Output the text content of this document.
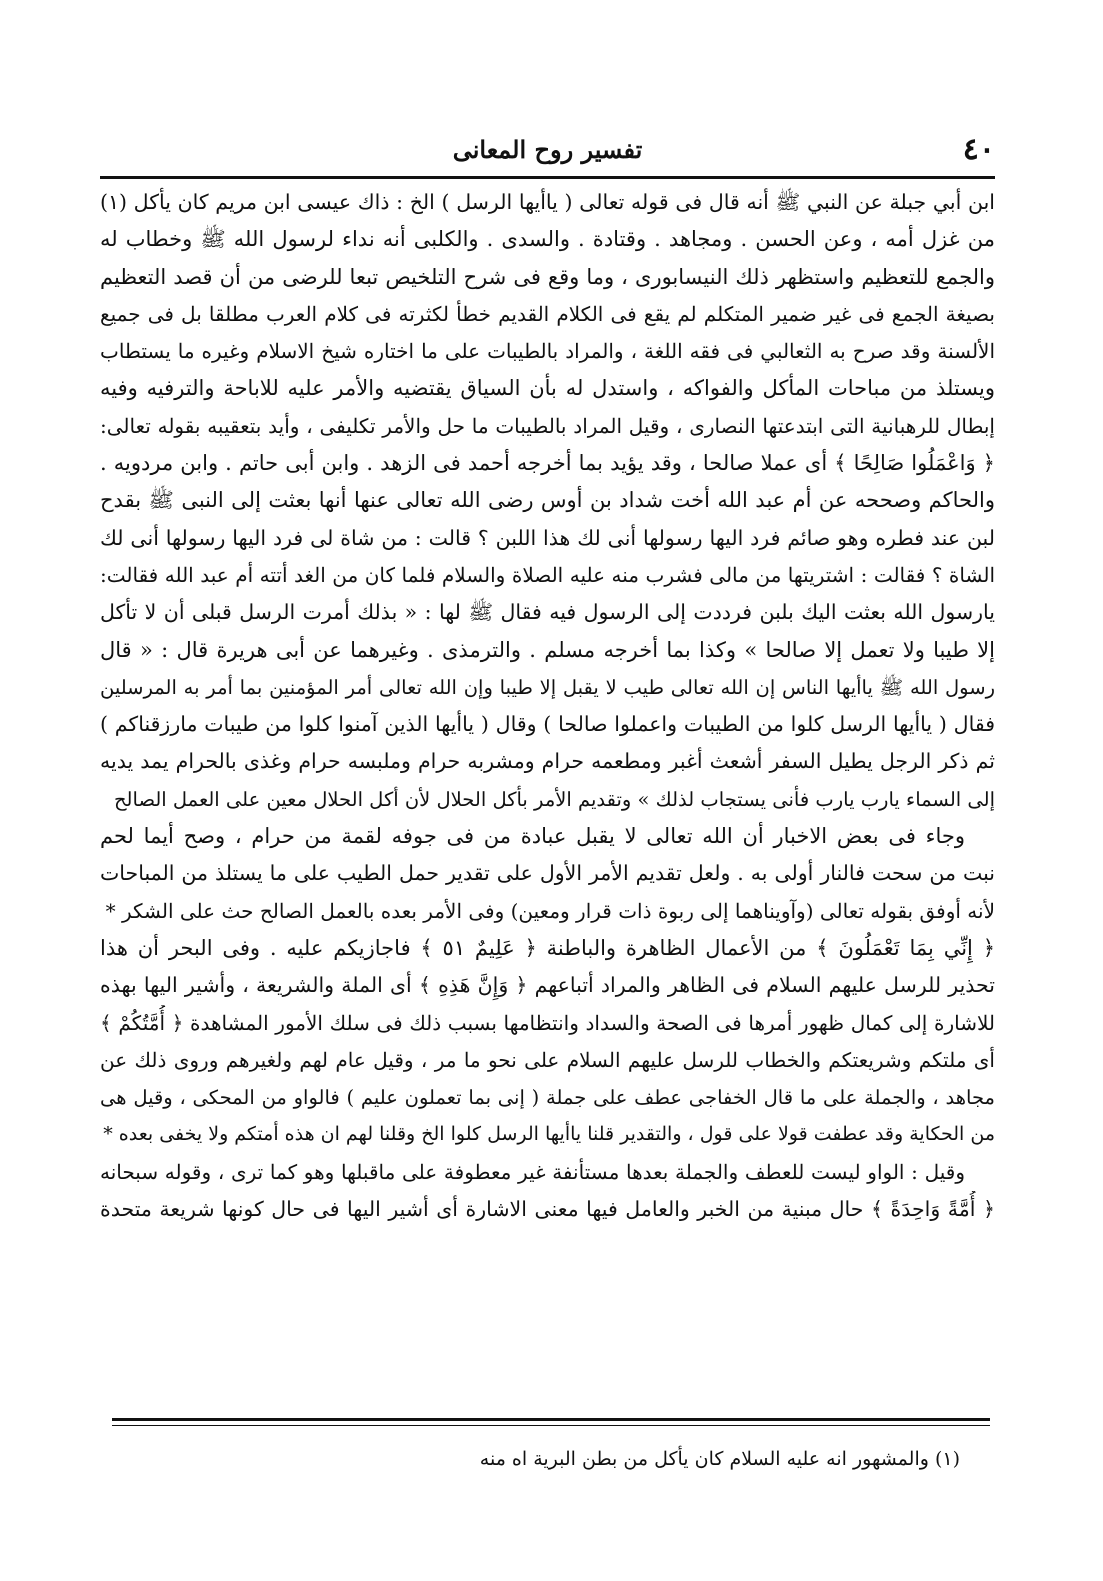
٤٠
تفسير روح المعانى
ابن أبي جبلة عن النبي ﷺ أنه قال فى قوله تعالى ( ياأيها الرسل ) الخ : ذاك عيسى ابن مريم كان يأكل (١)
من غزل أمه ، وعن الحسن . ومجاهد . وقتادة . والسدى . والكلبى أنه نداء لرسول الله ﷺ وخطاب له
والجمع للتعظيم واستظهر ذلك النيسابورى ، وما وقع فى شرح التلخيص تبعا للرضى من أن قصد التعظيم
بصيغة الجمع فى غير ضمير المتكلم لم يقع فى الكلام القديم خطأ لكثرته فى كلام العرب مطلقا بل فى جميع
الألسنة وقد صرح به الثعالبي فى فقه اللغة ، والمراد بالطيبات على ما اختاره شيخ الاسلام وغيره ما يستطاب
ويستلذ من مباحات المأكل والفواكه ، واستدل له بأن السياق يقتضيه والأمر عليه للاباحة والترفيه وفيه
إبطال للرهبانية التى ابتدعتها النصارى ، وقيل المراد بالطيبات ما حل والأمر تكليفى ، وأيد بتعقيبه بقوله تعالى:
﴿ وَاعْمَلُوا صَالِحًا ﴾ أى عملا صالحا ، وقد يؤيد بما أخرجه أحمد فى الزهد . وابن أبى حاتم . وابن مردويه .
والحاكم وصححه عن أم عبد الله أخت شداد بن أوس رضى الله تعالى عنها أنها بعثت إلى النبى ﷺ بقدح
لبن عند فطره وهو صائم فرد اليها رسولها أنى لك هذا اللبن ؟ قالت : من شاة لى فرد اليها رسولها أنى لك
الشاة ؟ فقالت : اشتريتها من مالى فشرب منه عليه الصلاة والسلام فلما كان من الغد أتته أم عبد الله فقالت:
يارسول الله بعثت اليك بلبن فرددت إلى الرسول فيه فقال ﷺ لها : « بذلك أمرت الرسل قبلى أن لا تأكل
إلا طيبا ولا تعمل إلا صالحا » وكذا بما أخرجه مسلم . والترمذى . وغيرهما عن أبى هريرة قال : « قال
رسول الله ﷺ ياأيها الناس إن الله تعالى طيب لا يقبل إلا طيبا وإن الله تعالى أمر المؤمنين بما أمر به المرسلين
فقال ( ياأيها الرسل كلوا من الطيبات واعملوا صالحا ) وقال ( ياأيها الذين آمنوا كلوا من طيبات مارزقناكم )
ثم ذكر الرجل يطيل السفر أشعث أغبر ومطعمه حرام ومشربه حرام وملبسه حرام وغذى بالحرام يمد يديه
إلى السماء يارب يارب فأنى يستجاب لذلك » وتقديم الأمر بأكل الحلال لأن أكل الحلال معين على العمل الصالح
وجاء فى بعض الاخبار أن الله تعالى لا يقبل عبادة من فى جوفه لقمة من حرام ، وصح أيما لحم
نبت من سحت فالنار أولى به . ولعل تقديم الأمر الأول على تقدير حمل الطيب على ما يستلذ من المباحات
لأنه أوفق بقوله تعالى (وآويناهما إلى ربوة ذات قرار ومعين) وفى الأمر بعده بالعمل الصالح حث على الشكر *
﴿ إِنِّي بِمَا تَعْمَلُونَ ﴾ من الأعمال الظاهرة والباطنة ﴿ عَلِيمٌ ٥١ ﴾ فاجازيكم عليه . وفى البحر أن هذا
تحذير للرسل عليهم السلام فى الظاهر والمراد أتباعهم ﴿ وَإِنَّ هَذِهِ ﴾ أى الملة والشريعة ، وأشير اليها بهذه
للاشارة إلى كمال ظهور أمرها فى الصحة والسداد وانتظامها بسبب ذلك فى سلك الأمور المشاهدة ﴿ أُمَّتُكُمْ ﴾
أى ملتكم وشريعتكم والخطاب للرسل عليهم السلام على نحو ما مر ، وقيل عام لهم ولغيرهم وروى ذلك عن
مجاهد ، والجملة على ما قال الخفاجى عطف على جملة ( إنى بما تعملون عليم ) فالواو من المحكى ، وقيل هى
من الحكاية وقد عطفت قولا على قول ، والتقدير قلنا ياأيها الرسل كلوا الخ وقلنا لهم ان هذه أمتكم ولا يخفى بعده *
وقيل : الواو ليست للعطف والجملة بعدها مستأنفة غير معطوفة على ماقبلها وهو كما ترى ، وقوله سبحانه
﴿ أُمَّةً وَاحِدَةً ﴾ حال مبنية من الخبر والعامل فيها معنى الاشارة أى أشير اليها فى حال كونها شريعة متحدة
(١) والمشهور انه عليه السلام كان يأكل من بطن البرية اه منه
